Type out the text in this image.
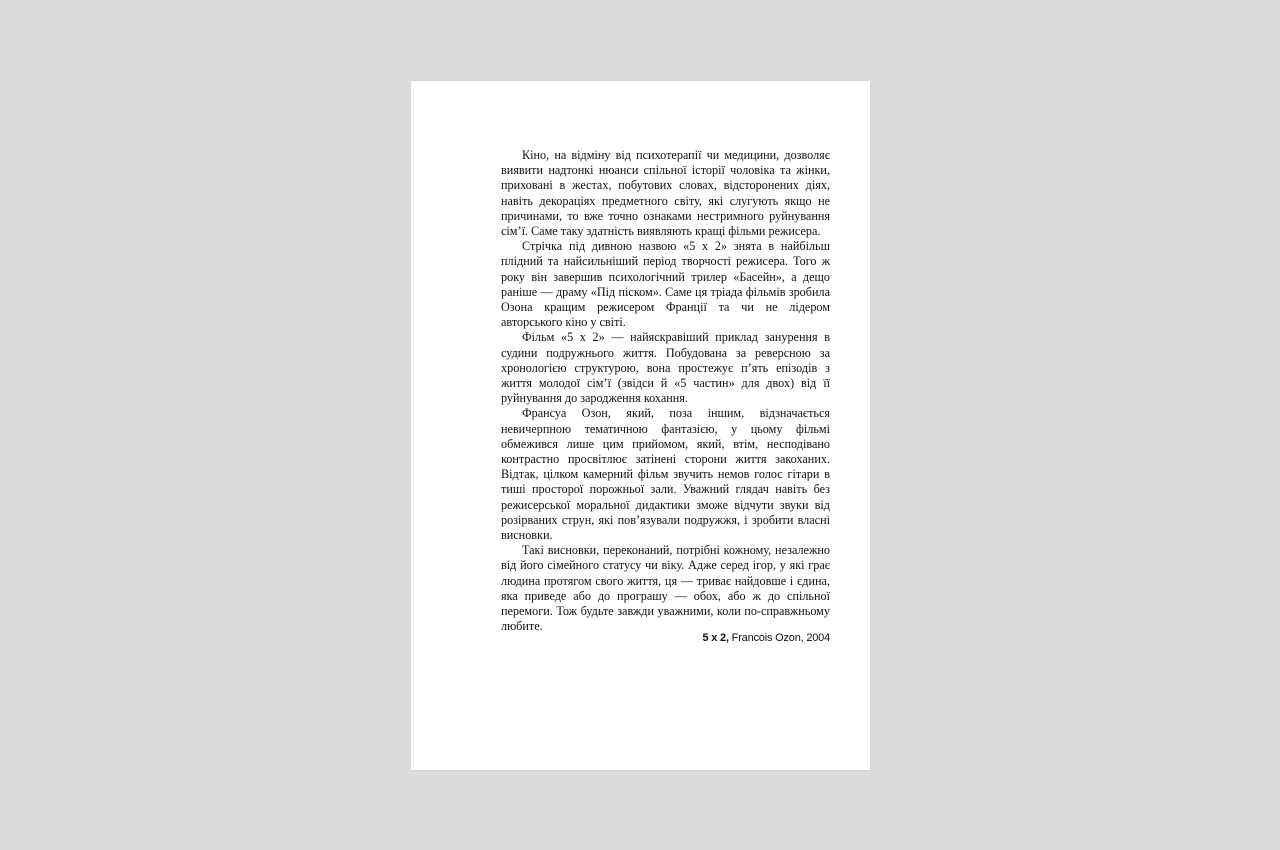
Кіно, на відміну від психотерапії чи медицини, дозволяє виявити надтонкі нюанси спільної історії чоловіка та жінки, приховані в жестах, побутових словах, відсторонених діях, навіть декораціях предметного світу, які слугують якщо не причинами, то вже точно ознаками нестримного руйнування сім’ї. Саме таку здатність виявляють кращі фільми режисера.

Стрічка під дивною назвою «5 x 2» знята в найбільш плідний та найсильніший період творчості режисера. Того ж року він завершив психологічний трилер «Басейн», а дещо раніше — драму «Під піском». Саме ця тріада фільмів зробила Озона кращим режисером Франції та чи не лідером авторського кіно у світі.

Фільм «5 x 2» — найяскравіший приклад занурення в судини подружнього життя. Побудована за реверсною за хронологією структурою, вона простежує п’ять епізодів з життя молодої сім’ї (звідси й «5 частин» для двох) від її руйнування до зародження кохання.

Франсуа Озон, який, поза іншим, відзначається невичерпною тематичною фантазією, у цьому фільмі обмежився лише цим прийомом, який, втім, несподівано контрастно просвітлює затінені сторони життя закоханих. Відтак, цілком камерний фільм звучить немов голос гітари в тиші просторої порожньої зали. Уважний глядач навіть без режисерської моральної дидактики зможе відчути звуки від розірваних струн, які пов’язували подружжя, і зробити власні висновки.

Такі висновки, переконаний, потрібні кожному, незалежно від його сімейного статусу чи віку. Адже серед ігор, у які грає людина протягом свого життя, ця — триває найдовше і єдина, яка приведе або до програшу — обох, або ж до спільної перемоги. Тож будьте завжди уважними, коли по-справжньому любите.

5 x 2, Francois Ozon, 2004
